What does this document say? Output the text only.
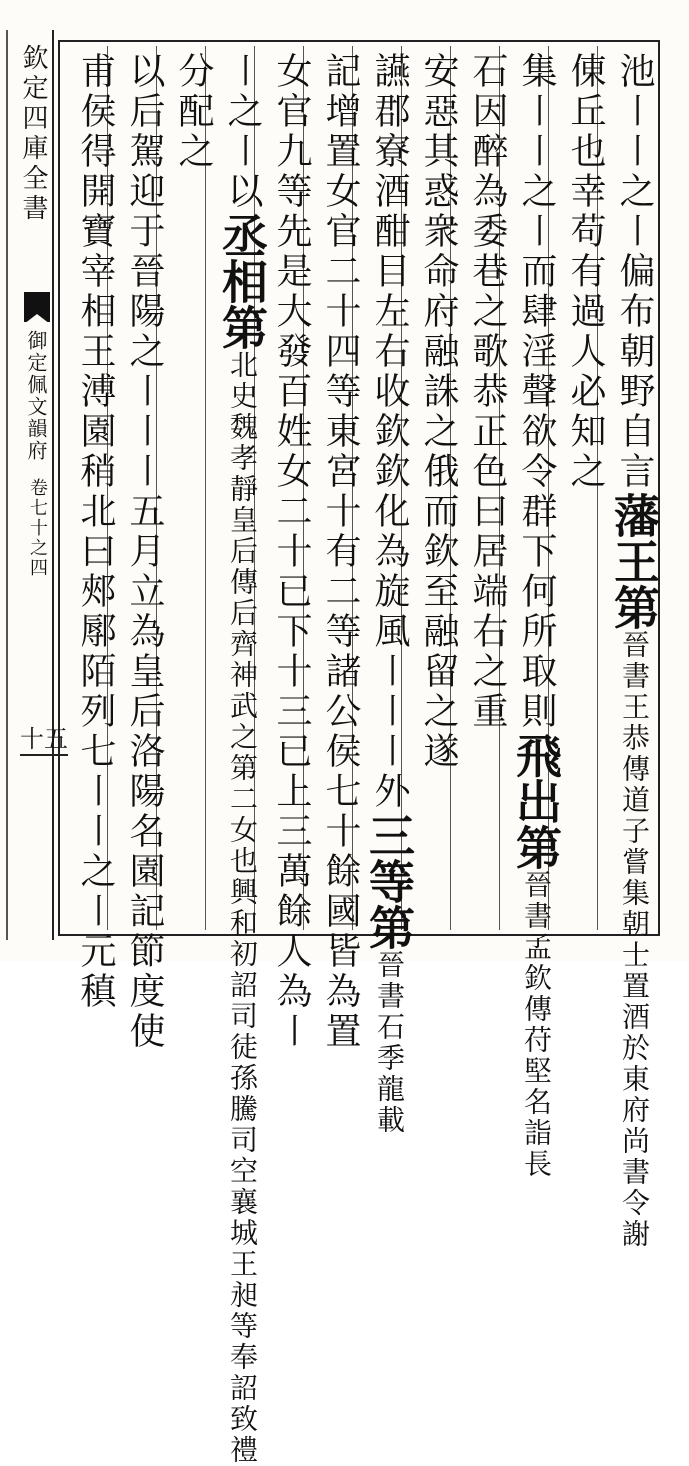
欽定四庫全書
御定佩文韻府
卷七十之四
十五
池〡〡之〡偏布朝野自言藩王第晉書王恭傳道子嘗集朝士置酒於東府尚書令謝
倲丘也幸苟有過人必知之
集〡〡之〡而肆淫聲欲令群下何所取則飛出第晉書孟欽傳苻堅名詣長
石因醉為委巷之歌恭正色曰居端右之重
安惡其惑衆命府融誅之俄而欽至融留之遂
讌郡寮酒酣目左右收欽欽化為旋風〡〡〡外三等第晉書石季龍載
記增置女官二十四等東宮十有二等諸公侯七十餘國皆為置
女官九等先是大發百姓女二十已下十三已上三萬餘人為〡
〡之〡以丞相第北史魏孝靜皇后傳后齊神武之第二女也興和初詔司徒孫騰司空襄城王昶等奉詔致禮
分配之
以后駕迎于晉陽之〡〡〡五月立為皇后洛陽名園記節度使
甫侯得開寶宰相王溥園稍北曰郟鄏陌列七〡〡之〡元稹
